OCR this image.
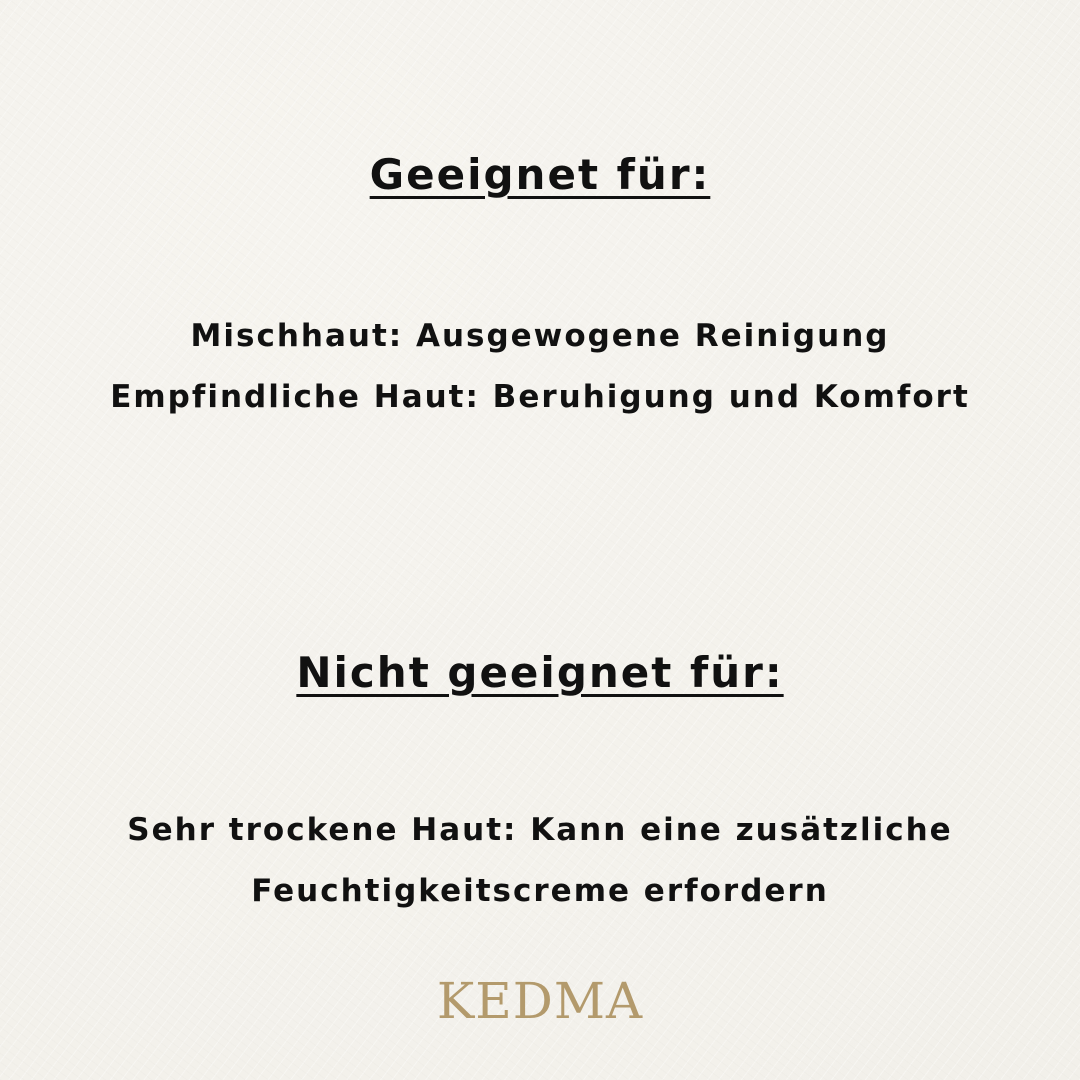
Geeignet für:
Mischhaut: Ausgewogene Reinigung
Empfindliche Haut: Beruhigung und Komfort
Nicht geeignet für:
Sehr trockene Haut: Kann eine zusätzliche
Feuchtigkeitscreme erfordern
KEDMA
